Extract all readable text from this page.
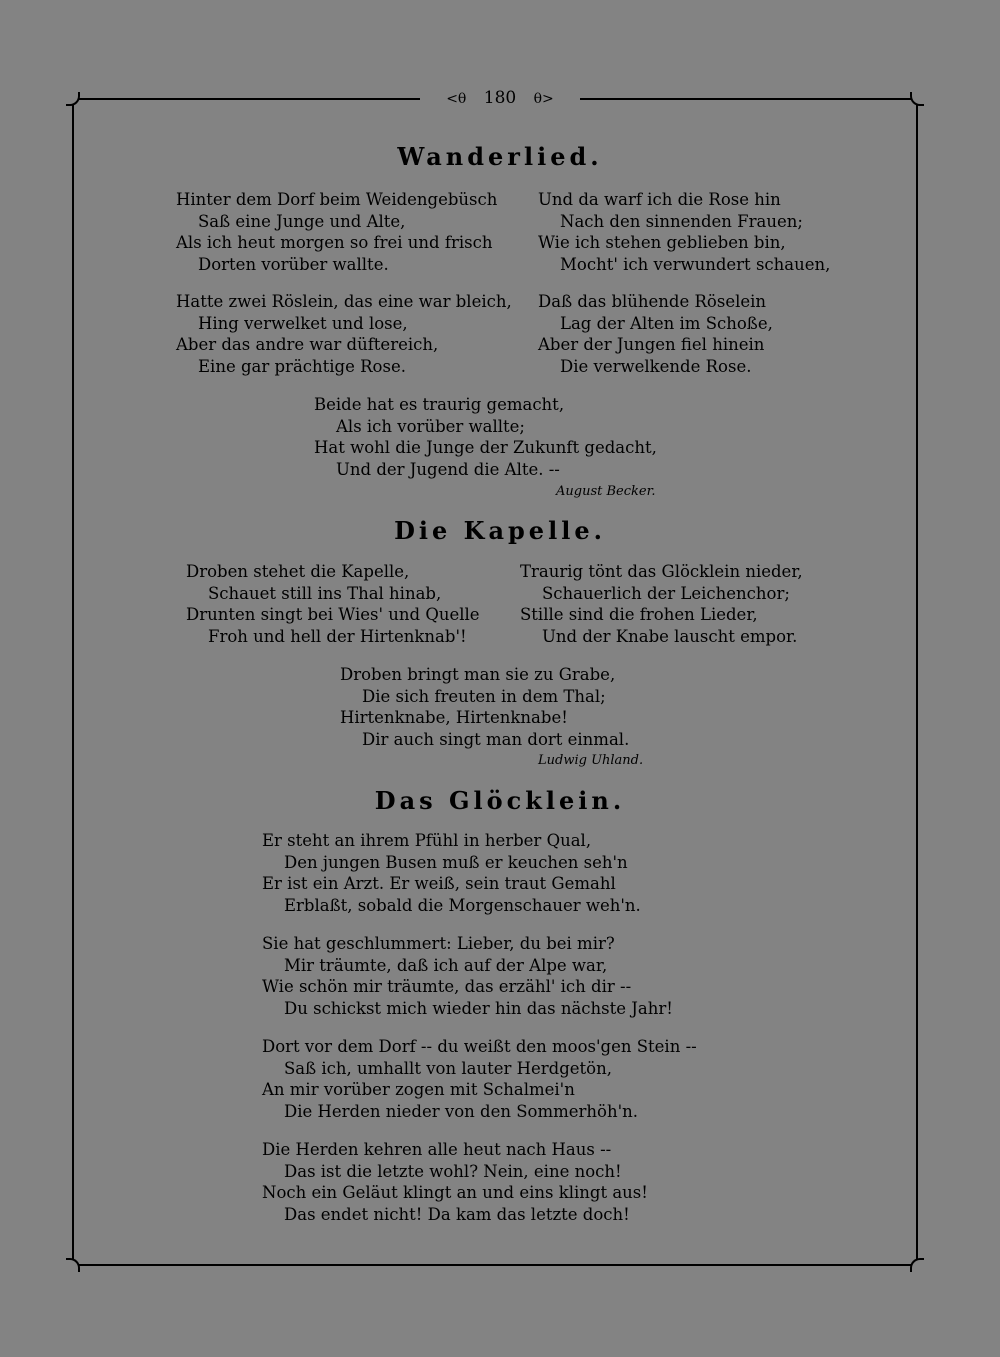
<θ 180 θ>
Wanderlied.
Hinter dem Dorf beim Weidengebüsch
Saß eine Junge und Alte,
Als ich heut morgen so frei und frisch
Dorten vorüber wallte.
Und da warf ich die Rose hin
Nach den sinnenden Frauen;
Wie ich stehen geblieben bin,
Mocht' ich verwundert schauen,
Hatte zwei Röslein, das eine war bleich,
Hing verwelket und lose,
Aber das andre war düftereich,
Eine gar prächtige Rose.
Daß das blühende Röselein
Lag der Alten im Schoße,
Aber der Jungen fiel hinein
Die verwelkende Rose.
Beide hat es traurig gemacht,
Als ich vorüber wallte;
Hat wohl die Junge der Zukunft gedacht,
Und der Jugend die Alte. --
August Becker.
Die Kapelle.
Droben stehet die Kapelle,
Schauet still ins Thal hinab,
Drunten singt bei Wies' und Quelle
Froh und hell der Hirtenknab'!
Traurig tönt das Glöcklein nieder,
Schauerlich der Leichenchor;
Stille sind die frohen Lieder,
Und der Knabe lauscht empor.
Droben bringt man sie zu Grabe,
Die sich freuten in dem Thal;
Hirtenknabe, Hirtenknabe!
Dir auch singt man dort einmal.
Ludwig Uhland.
Das Glöcklein.
Er steht an ihrem Pfühl in herber Qual,
Den jungen Busen muß er keuchen seh'n
Er ist ein Arzt. Er weiß, sein traut Gemahl
Erblaßt, sobald die Morgenschauer weh'n.
Sie hat geschlummert: Lieber, du bei mir?
Mir träumte, daß ich auf der Alpe war,
Wie schön mir träumte, das erzähl' ich dir --
Du schickst mich wieder hin das nächste Jahr!
Dort vor dem Dorf -- du weißt den moos'gen Stein --
Saß ich, umhallt von lauter Herdgetön,
An mir vorüber zogen mit Schalmei'n
Die Herden nieder von den Sommerhöh'n.
Die Herden kehren alle heut nach Haus --
Das ist die letzte wohl? Nein, eine noch!
Noch ein Geläut klingt an und eins klingt aus!
Das endet nicht! Da kam das letzte doch!
